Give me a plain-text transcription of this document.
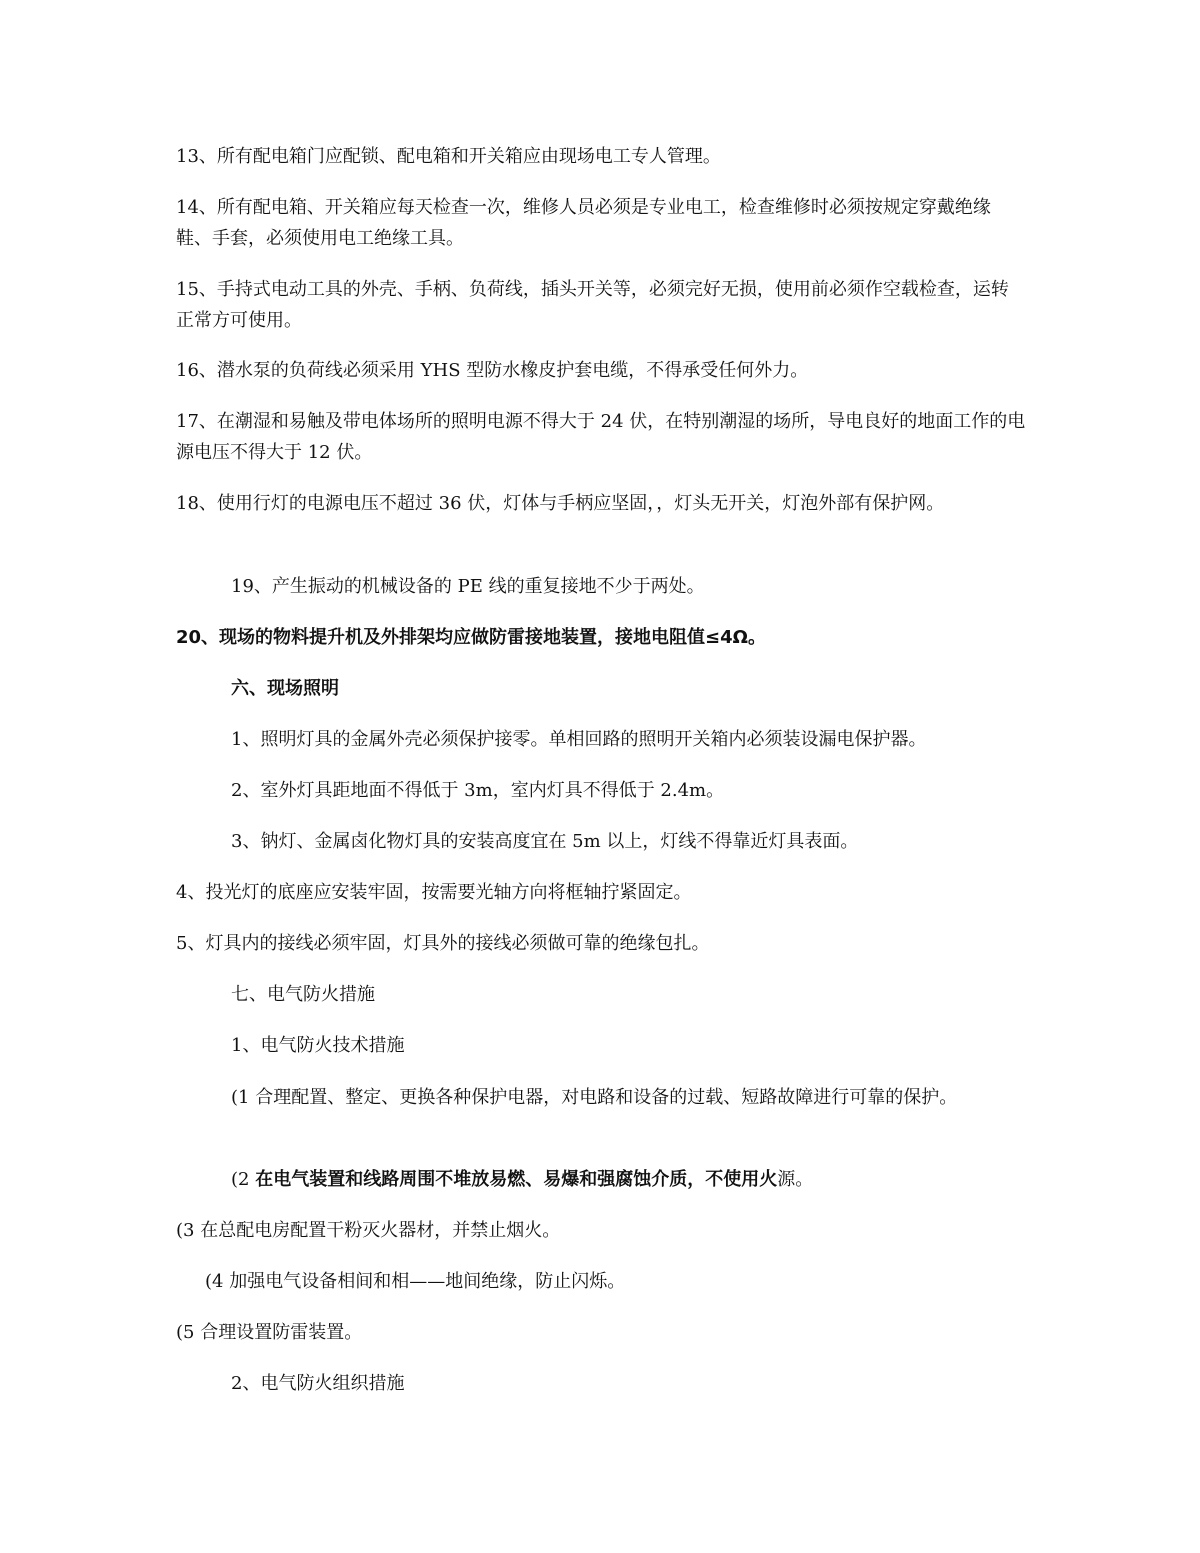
13、所有配电箱门应配锁、配电箱和开关箱应由现场电工专人管理。

14、所有配电箱、开关箱应每天检查一次，维修人员必须是专业电工，检查维修时必须按规定穿戴绝缘鞋、手套，必须使用电工绝缘工具。

15、手持式电动工具的外壳、手柄、负荷线，插头开关等，必须完好无损，使用前必须作空载检查，运转正常方可使用。

16、潜水泵的负荷线必须采用 YHS 型防水橡皮护套电缆，不得承受任何外力。

17、在潮湿和易触及带电体场所的照明电源不得大于 24 伏，在特别潮湿的场所，导电良好的地面工作的电源电压不得大于 12 伏。

18、使用行灯的电源电压不超过 36 伏，灯体与手柄应坚固，，灯头无开关，灯泡外部有保护网。

19、产生振动的机械设备的 PE 线的重复接地不少于两处。

20、现场的物料提升机及外排架均应做防雷接地装置，接地电阻值≤4Ω。

六、现场照明

1、照明灯具的金属外壳必须保护接零。单相回路的照明开关箱内必须装设漏电保护器。

2、室外灯具距地面不得低于 3m，室内灯具不得低于 2.4m。

3、钠灯、金属卤化物灯具的安装高度宜在 5m 以上，灯线不得靠近灯具表面。

4、投光灯的底座应安装牢固，按需要光轴方向将框轴拧紧固定。

5、灯具内的接线必须牢固，灯具外的接线必须做可靠的绝缘包扎。

七、电气防火措施

1、电气防火技术措施

(1 合理配置、整定、更换各种保护电器，对电路和设备的过载、短路故障进行可靠的保护。

(2 在电气装置和线路周围不堆放易燃、易爆和强腐蚀介质，不使用火源。

(3 在总配电房配置干粉灭火器材，并禁止烟火。

(4 加强电气设备相间和相——地间绝缘，防止闪烁。

(5 合理设置防雷装置。

2、电气防火组织措施
